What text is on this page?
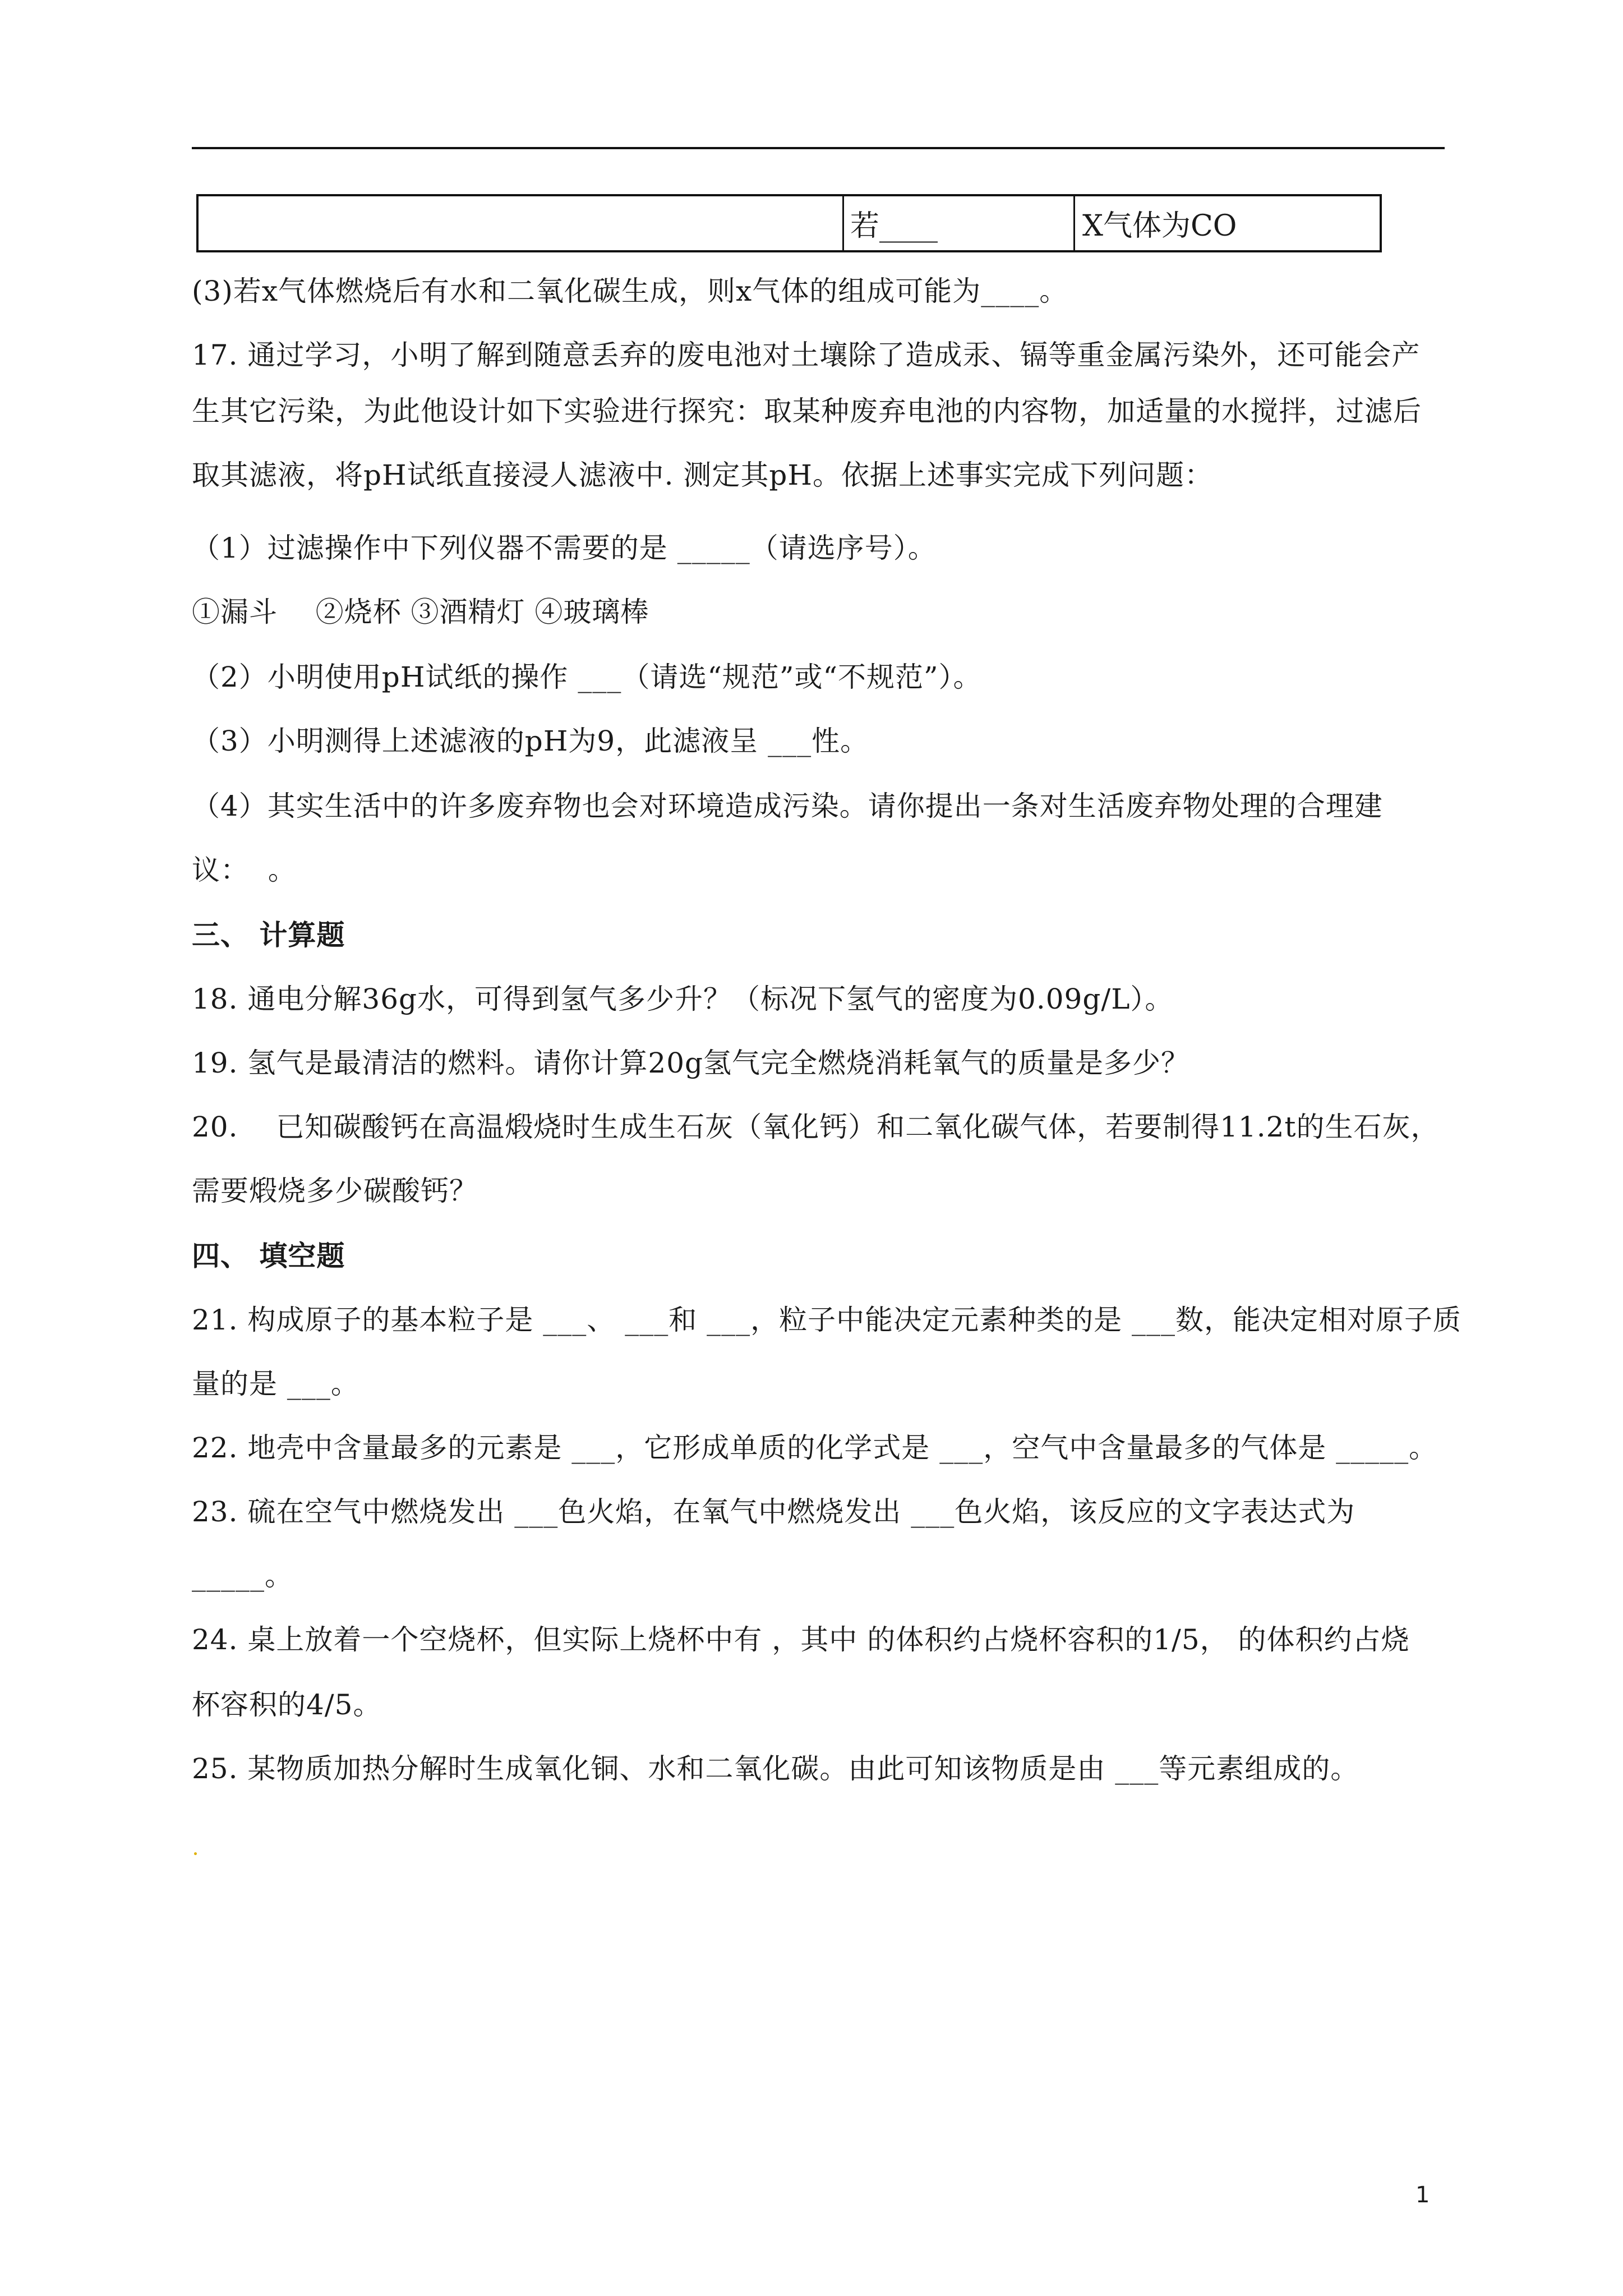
若____	X气体为CO
(3)若x气体燃烧后有水和二氧化碳生成，则x气体的组成可能为____。
17. 通过学习，小明了解到随意丢弃的废电池对土壤除了造成汞、镉等重金属污染外，还可能会产
生其它污染，为此他设计如下实验进行探究：取某种废弃电池的内容物，加适量的水搅拌，过滤后
取其滤液，将pH试纸直接浸人滤液中. 测定其pH。依据上述事实完成下列问题：
（1）过滤操作中下列仪器不需要的是 _____（请选序号）。
①漏斗    ②烧杯 ③酒精灯 ④玻璃棒
（2）小明使用pH试纸的操作 ___（请选“规范”或“不规范”）。
（3）小明测得上述滤液的pH为9，此滤液呈 ___性。
（4）其实生活中的许多废弃物也会对环境造成污染。请你提出一条对生活废弃物处理的合理建
议：  。
三、 计算题
18. 通电分解36g水，可得到氢气多少升？（标况下氢气的密度为0.09g/L）。
19. 氢气是最清洁的燃料。请你计算20g氢气完全燃烧消耗氧气的质量是多少？
20.    已知碳酸钙在高温煅烧时生成生石灰（氧化钙）和二氧化碳气体，若要制得11.2t的生石灰，
需要煅烧多少碳酸钙？
四、 填空题
21. 构成原子的基本粒子是 ___、 ___和 ___，粒子中能决定元素种类的是 ___数，能决定相对原子质
量的是 ___。
22. 地壳中含量最多的元素是 ___，它形成单质的化学式是 ___，空气中含量最多的气体是 _____。
23. 硫在空气中燃烧发出 ___色火焰，在氧气中燃烧发出 ___色火焰，该反应的文字表达式为
_____。
24. 桌上放着一个空烧杯，但实际上烧杯中有 ，其中 的体积约占烧杯容积的1/5， 的体积约占烧
杯容积的4/5。
25. 某物质加热分解时生成氧化铜、水和二氧化碳。由此可知该物质是由 ___等元素组成的。
1
